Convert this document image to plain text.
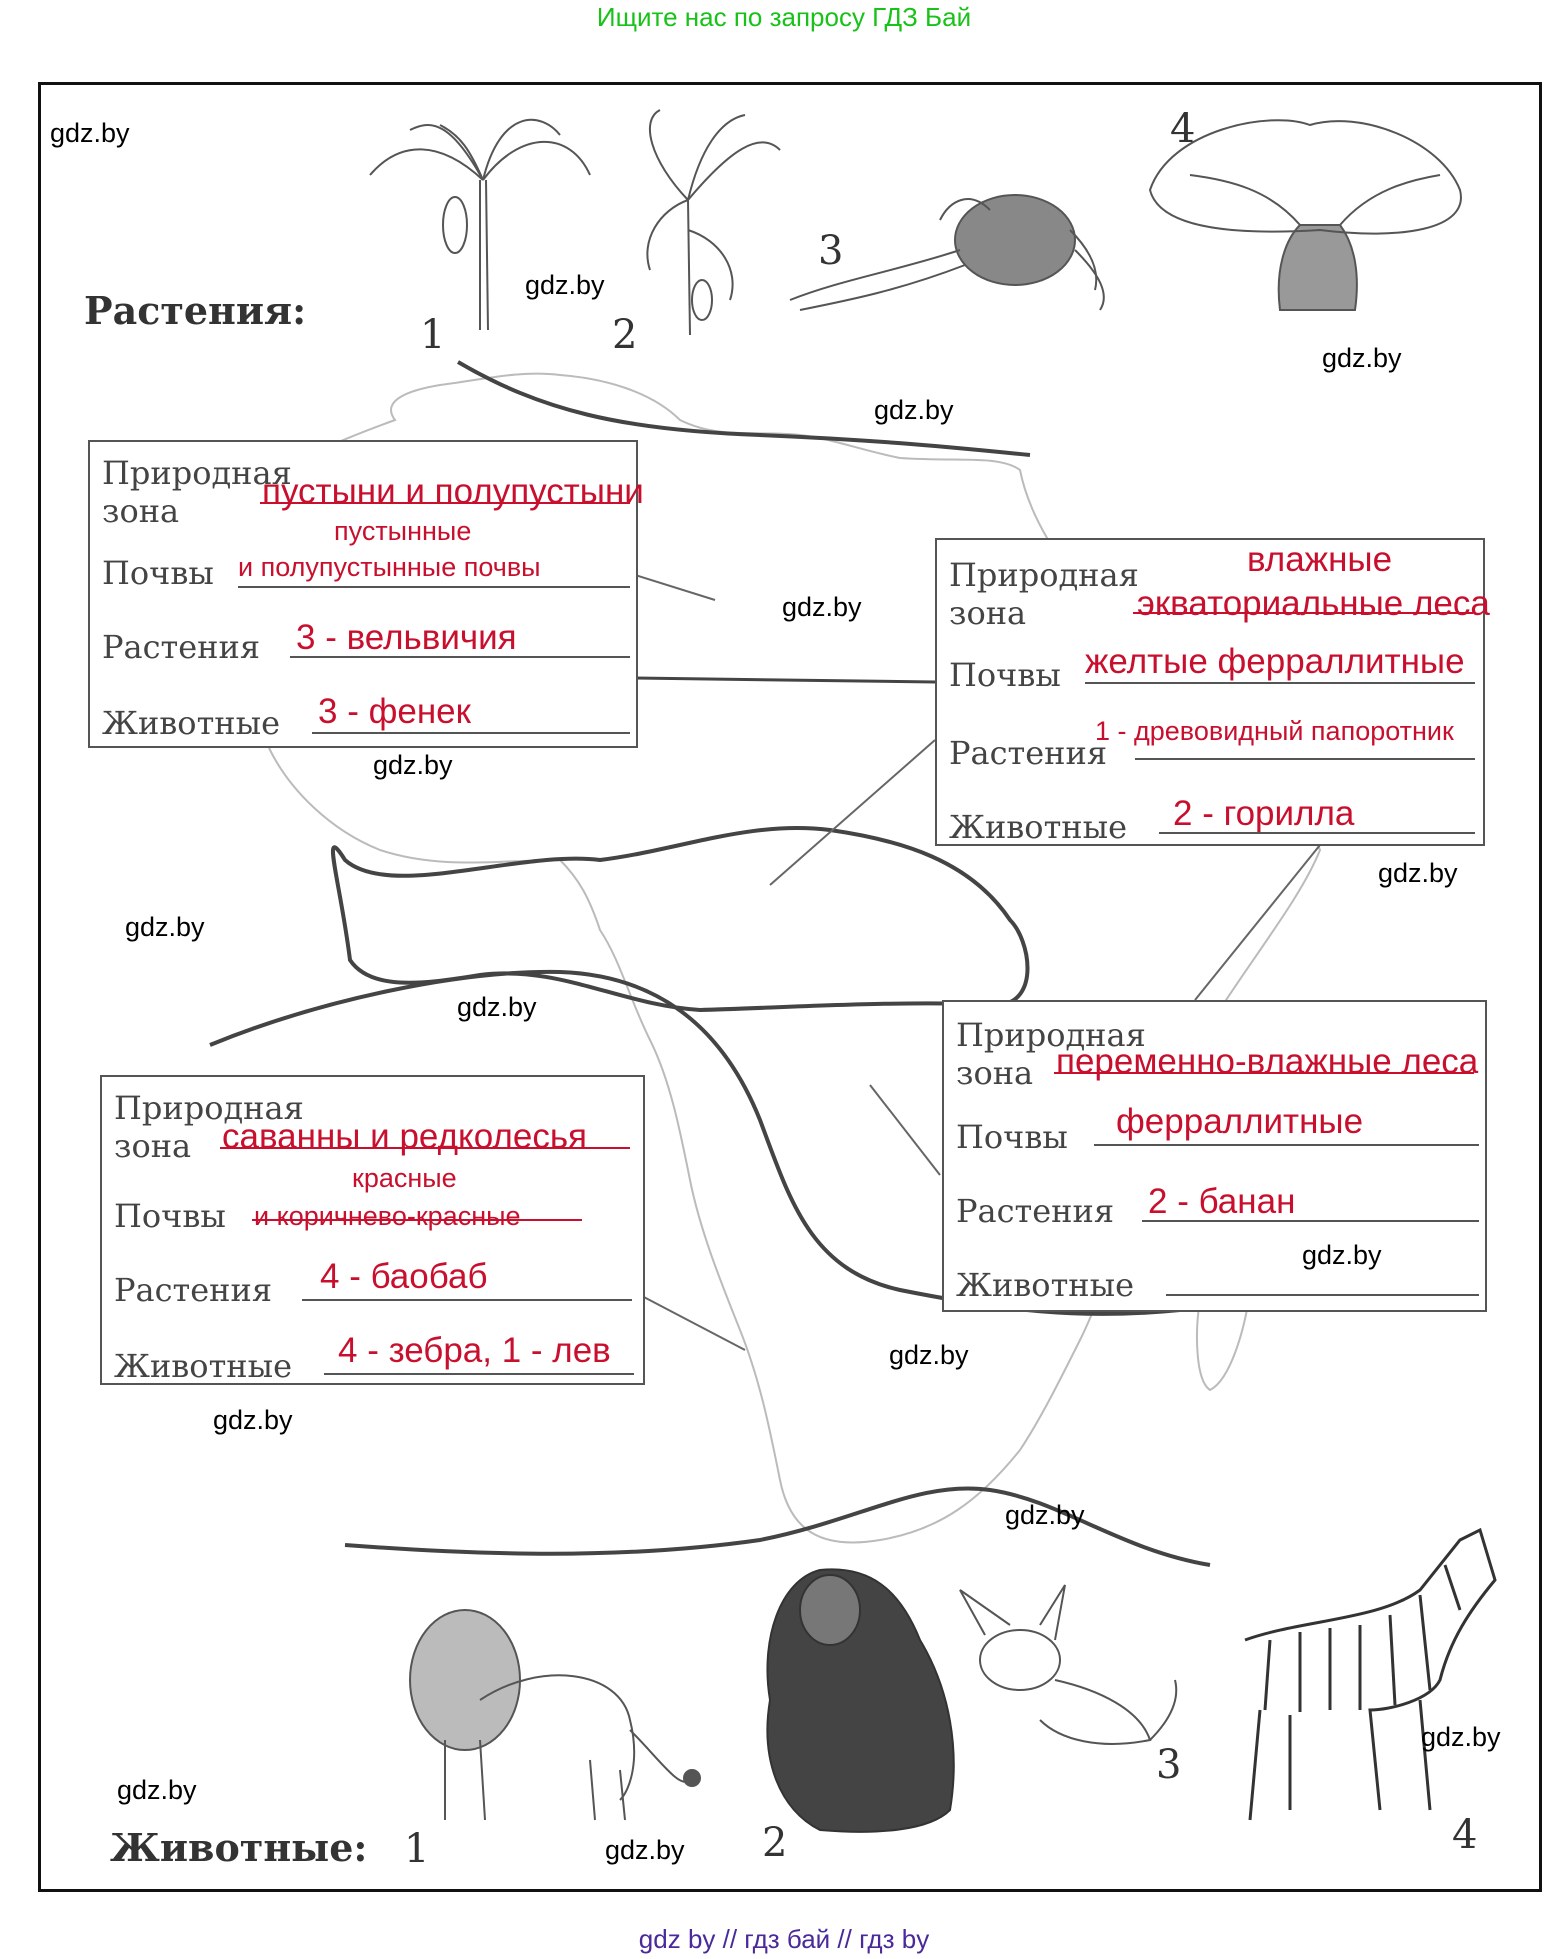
Ищите нас по запросу ГДЗ Бай
Растения:
Животные:
1	2
3
4
1	2
3
4
Природная
зона пустыни и полупустыни
пустынные
Почвы и полупустынные почвы
Растения 3 - вельвичия
Животные 3 - фенек
Природная
зона
влажные
экваториальные леса
Почвы желтые ферраллитные
Растения
1 - древовидный папоротник
Животные 2 - горилла
Природная
зона саванны и редколесья
красные
Почвы и коричнево-красные
Растения 4 - баобаб
Животные 4 - зебра, 1 - лев
Природная
зона переменно-влажные леса
Почвы ферраллитные
Растения 2 - банан
Животные
gdz.by
gdz.by
gdz.by
gdz.by
gdz.by
gdz.by
gdz.by
gdz.by
gdz.by
gdz.by
gdz.by
gdz.by
gdz.by
gdz.by
gdz.by
gdz.by
gdz by // гдз бай // гдз by
